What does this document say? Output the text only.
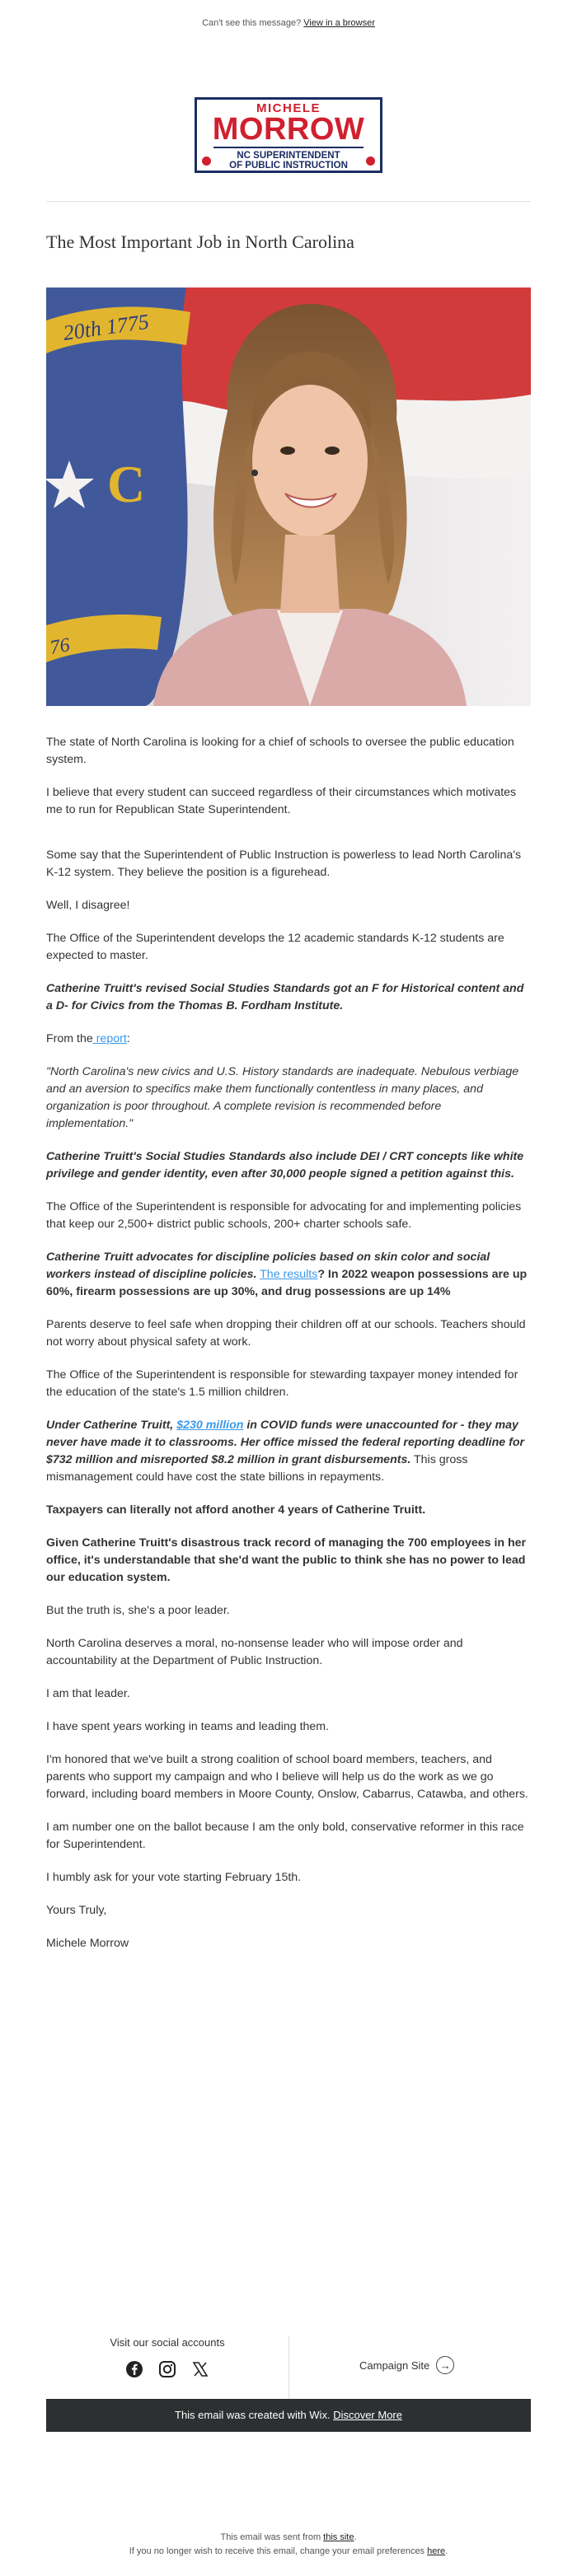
Can't see this message? View in a browser
MICHELE
MORROW
NC SUPERINTENDENT
OF PUBLIC INSTRUCTION
The Most Important Job in North Carolina
20th 1775
C
76

The state of North Carolina is looking for a chief of schools to oversee the public education system.

I believe that every student can succeed regardless of their circumstances which motivates me to run for Republican State Superintendent.

Some say that the Superintendent of Public Instruction is powerless to lead North Carolina's K-12 system. They believe the position is a figurehead.

Well, I disagree!

The Office of the Superintendent develops the 12 academic standards K-12 students are expected to master.

Catherine Truitt's revised Social Studies Standards got an F for Historical content and a D- for Civics from the Thomas B. Fordham Institute.

From the report:

"North Carolina's new civics and U.S. History standards are inadequate. Nebulous verbiage and an aversion to specifics make them functionally contentless in many places, and organization is poor throughout. A complete revision is recommended before implementation."

Catherine Truitt's Social Studies Standards also include DEI / CRT concepts like white privilege and gender identity, even after 30,000 people signed a petition against this.

The Office of the Superintendent is responsible for advocating for and implementing policies that keep our 2,500+ district public schools, 200+ charter schools safe.

Catherine Truitt advocates for discipline policies based on skin color and social workers instead of discipline policies. The results? In 2022 weapon possessions are up 60%, firearm possessions are up 30%, and drug possessions are up 14%

Parents deserve to feel safe when dropping their children off at our schools. Teachers should not worry about physical safety at work.

The Office of the Superintendent is responsible for stewarding taxpayer money intended for the education of the state's 1.5 million children.

Under Catherine Truitt, $230 million in COVID funds were unaccounted for - they may never have made it to classrooms. Her office missed the federal reporting deadline for $732 million and misreported $8.2 million in grant disbursements. This gross mismanagement could have cost the state billions in repayments.

Taxpayers can literally not afford another 4 years of Catherine Truitt.

Given Catherine Truitt's disastrous track record of managing the 700 employees in her office, it's understandable that she'd want the public to think she has no power to lead our education system.

But the truth is, she's a poor leader.

North Carolina deserves a moral, no-nonsense leader who will impose order and accountability at the Department of Public Instruction.

I am that leader.

I have spent years working in teams and leading them.

I'm honored that we've built a strong coalition of school board members, teachers, and parents who support my campaign and who I believe will help us do the work as we go forward, including board members in Moore County, Onslow, Cabarrus, Catawba, and others.

I am number one on the ballot because I am the only bold, conservative reformer in this race for Superintendent.

I humbly ask for your vote starting February 15th.

Yours Truly,

Michele Morrow

Visit our social accounts
Campaign Site →
This email was created with Wix. Discover More
This email was sent from this site.
If you no longer wish to receive this email, change your email preferences here.
